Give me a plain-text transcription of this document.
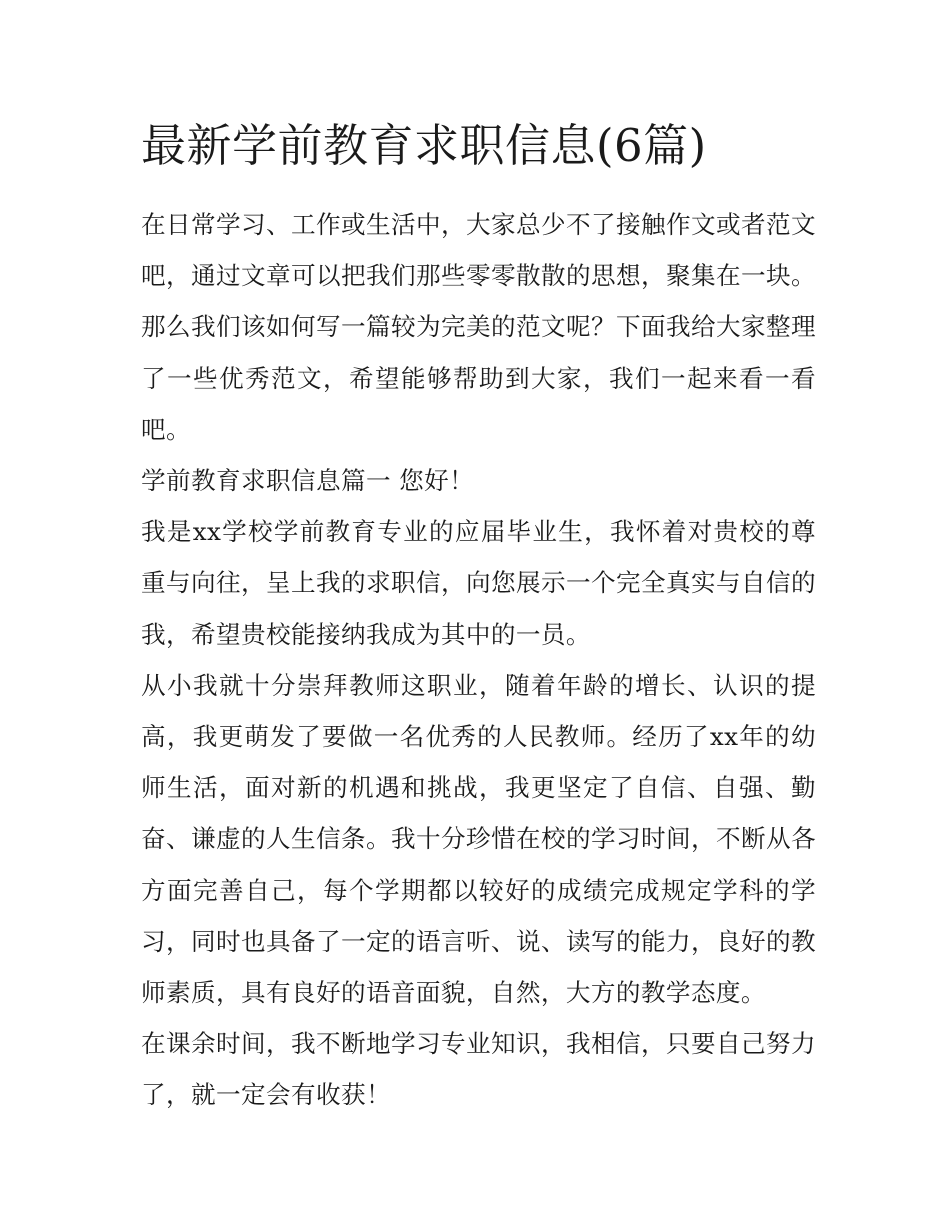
最新学前教育求职信息(6篇)

在日常学习、工作或生活中，大家总少不了接触作文或者范文吧，通过文章可以把我们那些零零散散的思想，聚集在一块。那么我们该如何写一篇较为完美的范文呢？下面我给大家整理了一些优秀范文，希望能够帮助到大家，我们一起来看一看吧。

学前教育求职信息篇一 您好！

我是xx学校学前教育专业的应届毕业生，我怀着对贵校的尊重与向往，呈上我的求职信，向您展示一个完全真实与自信的我，希望贵校能接纳我成为其中的一员。

从小我就十分崇拜教师这职业，随着年龄的增长、认识的提高，我更萌发了要做一名优秀的人民教师。经历了xx年的幼师生活，面对新的机遇和挑战，我更坚定了自信、自强、勤奋、谦虚的人生信条。我十分珍惜在校的学习时间，不断从各方面完善自己，每个学期都以较好的成绩完成规定学科的学习，同时也具备了一定的语言听、说、读写的能力，良好的教师素质，具有良好的语音面貌，自然，大方的教学态度。

在课余时间，我不断地学习专业知识，我相信，只要自己努力了，就一定会有收获！
